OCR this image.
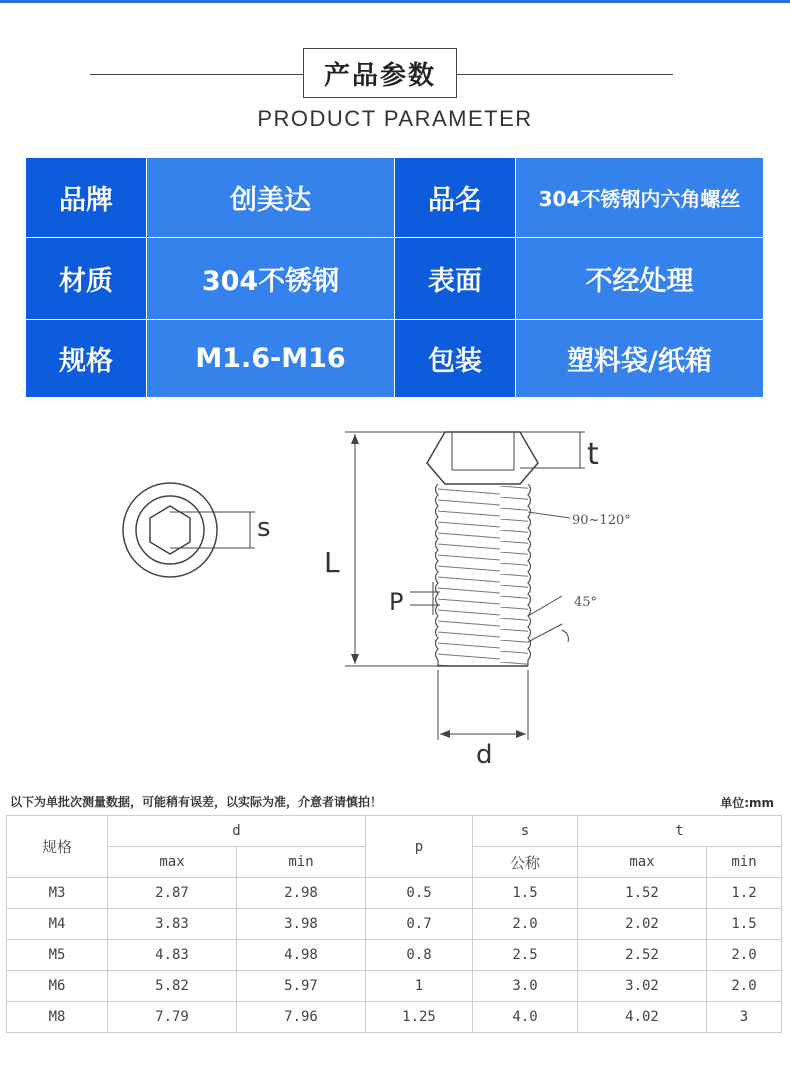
产品参数
PRODUCT PARAMETER
品牌	创美达	品名	304不锈钢内六角螺丝
材质	304不锈钢	表面	不经处理
规格	M1.6-M16	包装	塑料袋/纸箱
s
L
t
90~120°
P	45°
d
以下为单批次测量数据，可能稍有误差，以实际为准，介意者请慎拍！	单位:mm
规格	d		p	s	t	
	max	min		公称	max	min
M3	2.87	2.98	0.5	1.5	1.52	1.2
M4	3.83	3.98	0.7	2.0	2.02	1.5
M5	4.83	4.98	0.8	2.5	2.52	2.0
M6	5.82	5.97	1	3.0	3.02	2.0
M8	7.79	7.96	1.25	4.0	4.02	3
